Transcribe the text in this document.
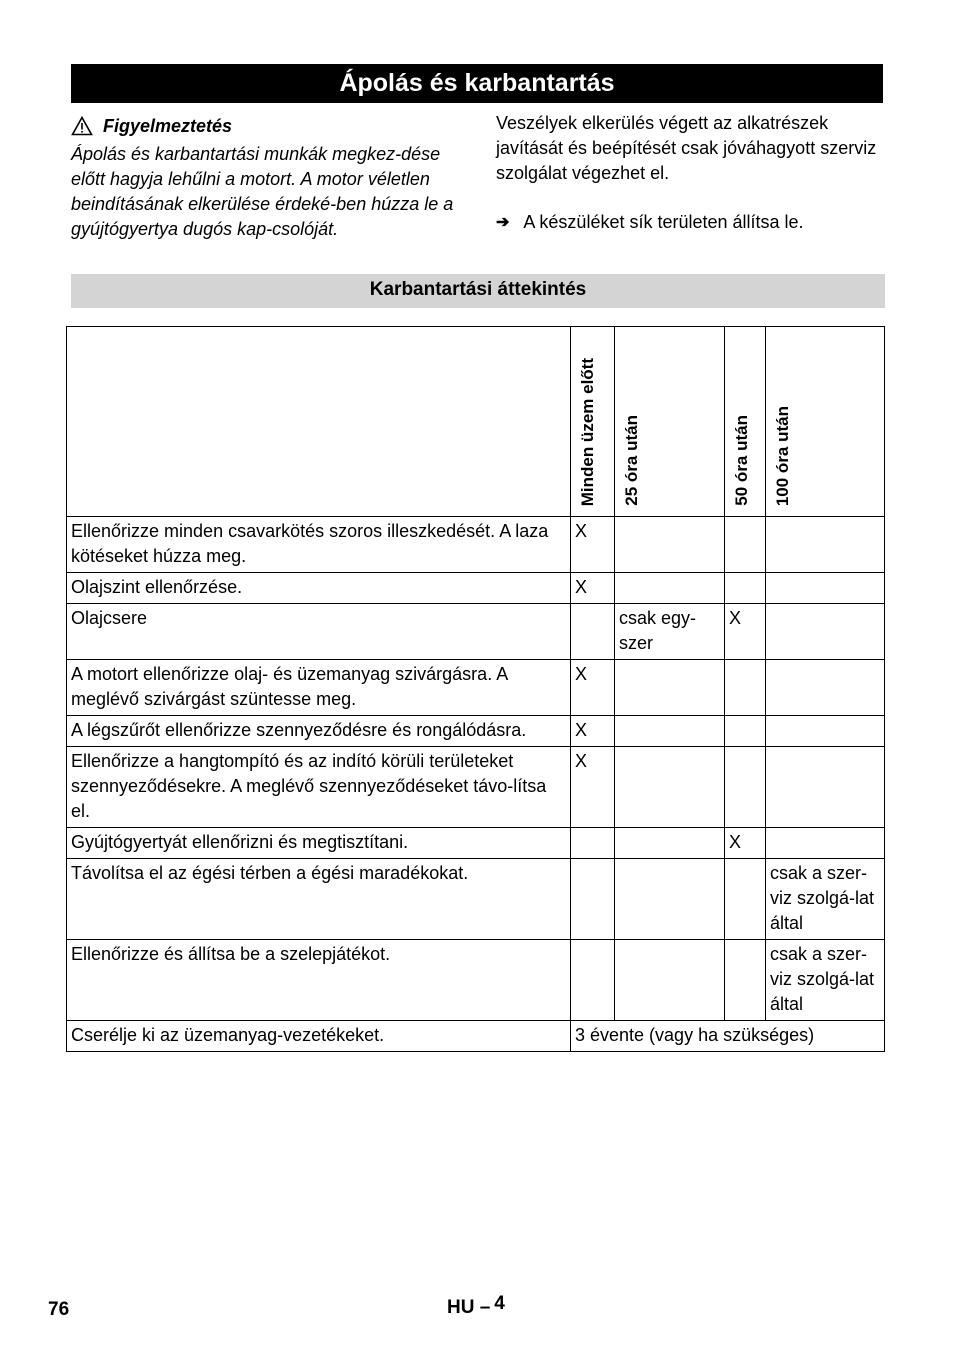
Ápolás és karbantartás
Figyelmeztetés
Ápolás és karbantartási munkák megkez-dése előtt hagyja lehűlni a motort. A motor véletlen beindításának elkerülése érdeké-ben húzza le a gyújtógyertya dugós kap-csolóját.
Veszélyek elkerülés végett az alkatrészek javítását és beépítését csak jóváhagyott szerviz szolgálat végezhet el.
➔ A készüléket sík területen állítsa le.
Karbantartási áttekintés
	Minden üzem előtt	25 óra után	50 óra után	100 óra után
Ellenőrizze minden csavarkötés szoros illeszkedését. A laza kötéseket húzza meg.	X			
Olajszint ellenőrzése.	X			
Olajcsere		csak egy-szer	X	
A motort ellenőrizze olaj- és üzemanyag szivárgásra. A meglévő szivárgást szüntesse meg.	X			
A légszűrőt ellenőrizze szennyeződésre és rongálódásra.	X			
Ellenőrizze a hangtompító és az indító körüli területeket szennyeződésekre. A meglévő szennyeződéseket távo-lítsa el.	X			
Gyújtógyertyát ellenőrizni és megtisztítani.			X	
Távolítsa el az égési térben a égési maradékokat.				csak a szer-viz szolgá-lat által
Ellenőrizze és állítsa be a szelepjátékot.				csak a szer-viz szolgá-lat által
Cserélje ki az üzemanyag-vezetékeket.	3 évente (vagy ha szükséges)			
76	HU – 4
